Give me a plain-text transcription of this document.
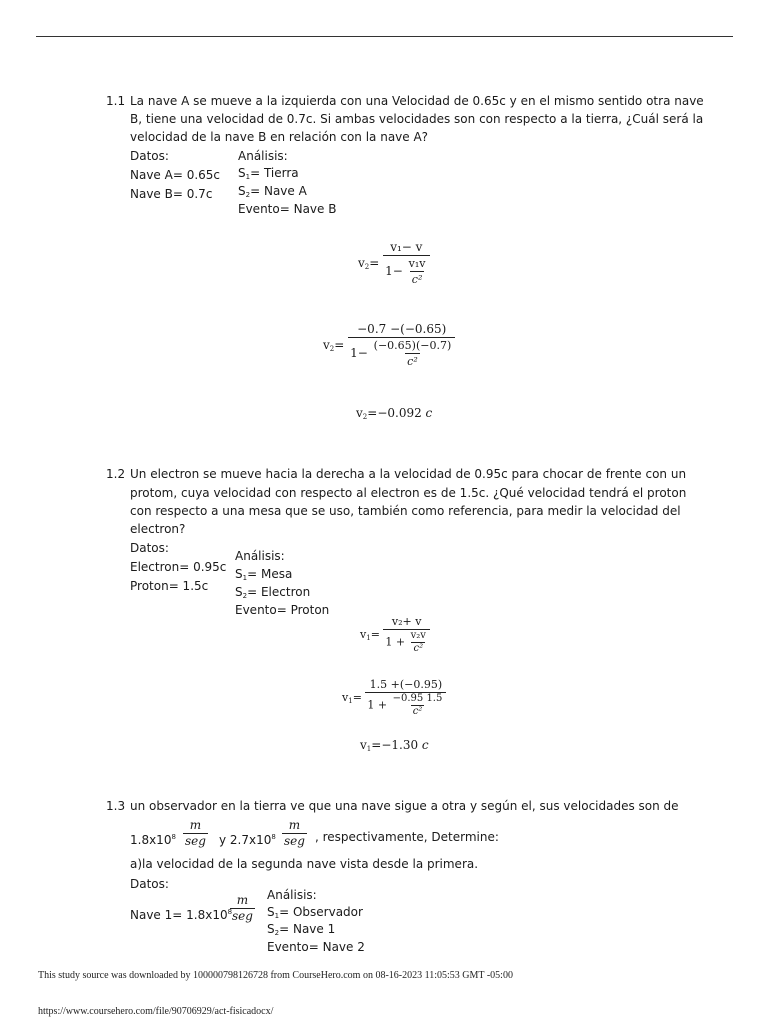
1.1 La nave A se mueve a la izquierda con una Velocidad de 0.65c y en el mismo sentido otra nave
B, tiene una velocidad de 0.7c. Si ambas velocidades son con respecto a la tierra, ¿Cuál será la
velocidad de la nave B en relación con la nave A?
Datos:
Nave A= 0.65c
Nave B= 0.7c
Análisis:
$S_1=$ Tierra
$S_2=$ Nave A
Evento= Nave B
$v_2= \frac{\text{v₁− v}}{1- \frac{\text{v₁v}}{\text{c²}}}$
$v_2= \frac{-0.7 -(-0.65)}{1- \frac{(-0.65)(-0.7)}{\text{c²}}}$
$v_2=-0.092$ c
1.2 Un electron se mueve hacia la derecha a la velocidad de 0.95c para chocar de frente con un
protom, cuya velocidad con respecto al electron es de 1.5c. ¿Qué velocidad tendrá el proton
con respecto a una mesa que se uso, también como referencia, para medir la velocidad del
electron?
Datos:
Electron= 0.95c
Proton= 1.5c
Análisis:
$S_1=$ Mesa
$S_2=$ Electron
Evento= Proton
$v_1= \frac{\text{v₂+ v}}{1 + \frac{\text{v₂v}}{\text{c²}}}$
$v_1= \frac{1.5 +(-0.95)}{1 + \frac{-0.95 1.5}{\text{c²}}}$
$v_1=-1.30$ c
1.3 un observador en la tierra ve que una nave sigue a otra y según el, sus velocidades son de
$1.8x10^8 \frac{m}{\text{seg}}$ y $2.7x10^8 \frac{m}{\text{seg}}$ , respectivamente, Determine:
a)la velocidad de la segunda nave vista desde la primera.
Datos:
Nave $1= 1.8x10^8$
$\frac{m}{\text{seg}}$ Análisis:
$S_1=$ Observador
$S_2=$ Nave 1
Evento= Nave 2
This study source was downloaded by 100000798126728 from CourseHero.com on 08-16-2023 11:05:53 GMT -05:00
https://www.coursehero.com/file/90706929/act-fisicadocx/
